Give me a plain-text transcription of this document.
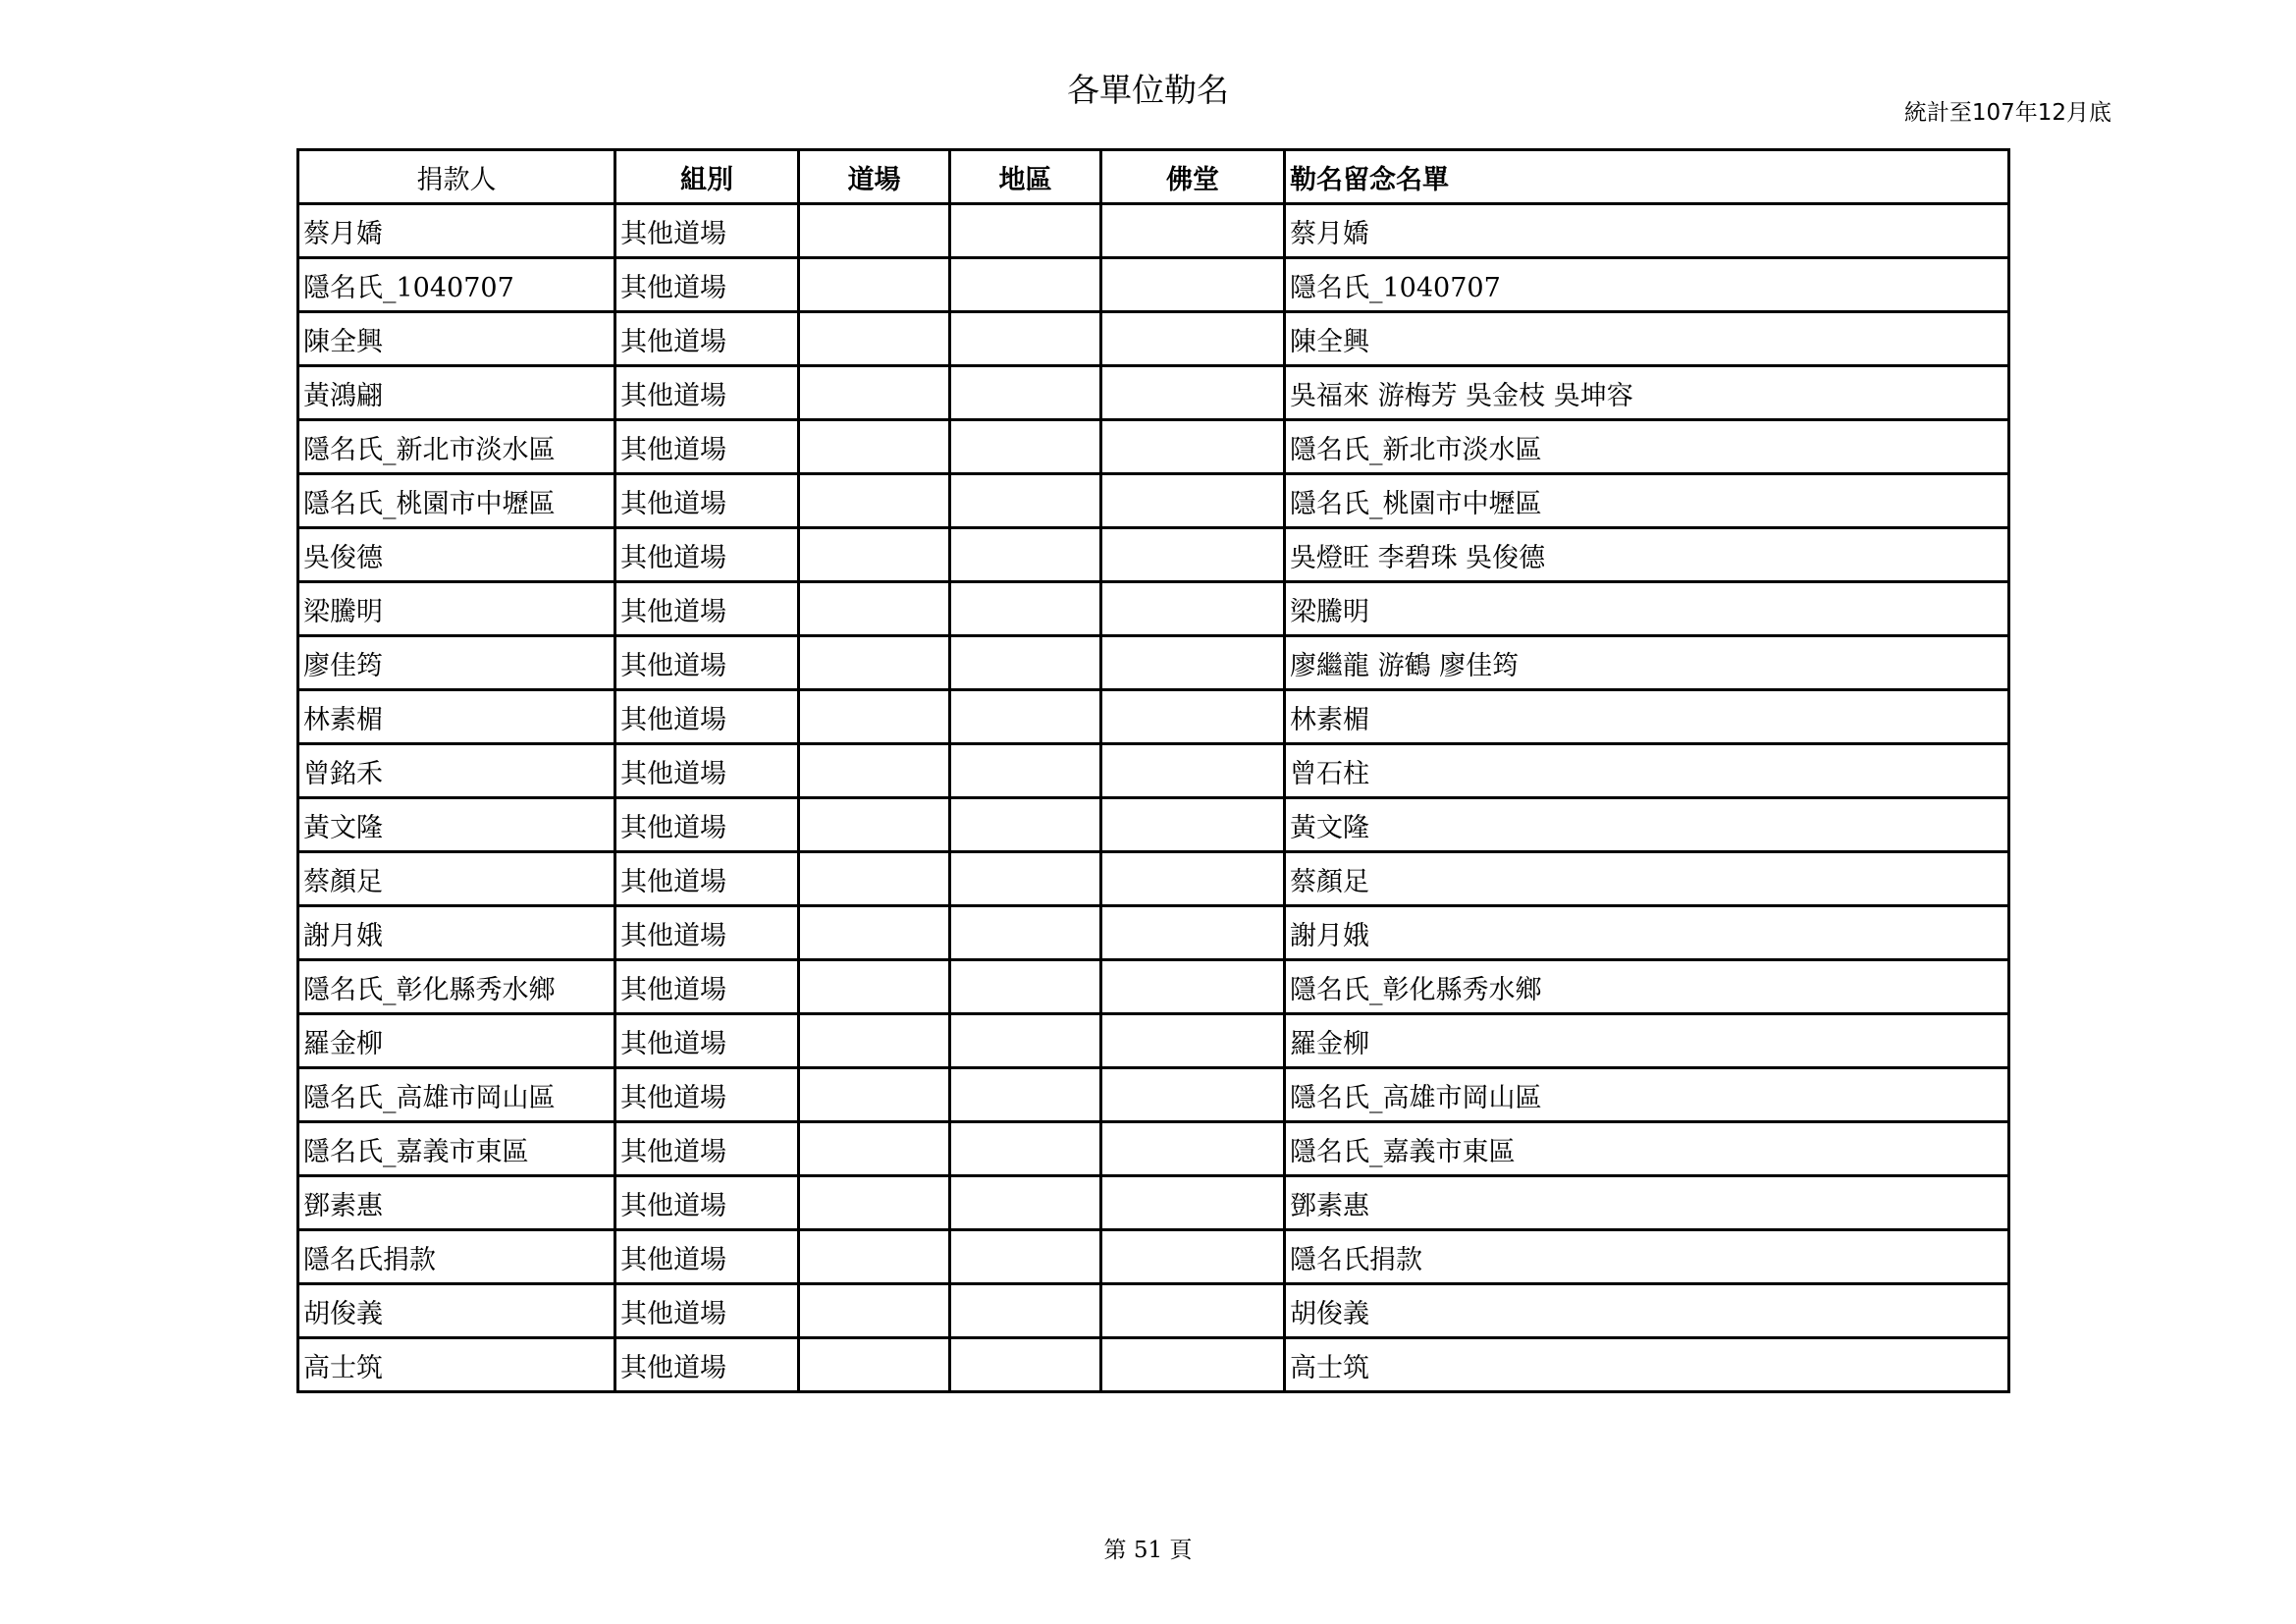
各單位勒名
統計至107年12月底
捐款人	組別	道場	地區	佛堂	勒名留念名單
蔡月嬌	其他道場				蔡月嬌
隱名氏_1040707	其他道場				隱名氏_1040707
陳全興	其他道場				陳全興
黃鴻翩	其他道場				吳福來 游梅芳 吳金枝 吳坤容
隱名氏_新北市淡水區	其他道場				隱名氏_新北市淡水區
隱名氏_桃園市中壢區	其他道場				隱名氏_桃園市中壢區
吳俊德	其他道場				吳燈旺 李碧珠 吳俊德
梁騰明	其他道場				梁騰明
廖佳筠	其他道場				廖繼龍 游鶴 廖佳筠
林素楣	其他道場				林素楣
曾銘禾	其他道場				曾石柱
黃文隆	其他道場				黃文隆
蔡顏足	其他道場				蔡顏足
謝月娥	其他道場				謝月娥
隱名氏_彰化縣秀水鄉	其他道場				隱名氏_彰化縣秀水鄉
羅金柳	其他道場				羅金柳
隱名氏_高雄市岡山區	其他道場				隱名氏_高雄市岡山區
隱名氏_嘉義市東區	其他道場				隱名氏_嘉義市東區
鄧素惠	其他道場				鄧素惠
隱名氏捐款	其他道場				隱名氏捐款
胡俊義	其他道場				胡俊義
高士筑	其他道場				高士筑
第 51 頁
